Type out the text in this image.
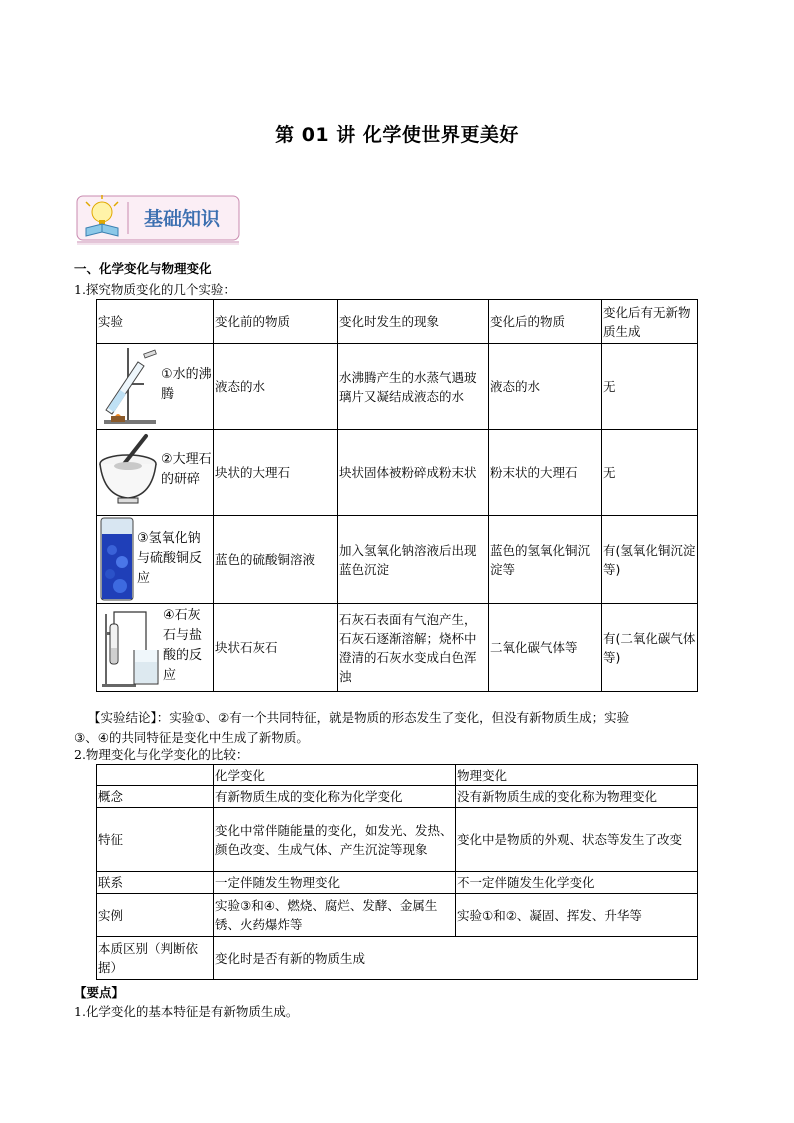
第 01 讲 化学使世界更美好
基础知识
一、化学变化与物理变化
1.探究物质变化的几个实验：
实验	变化前的物质	变化时发生的现象	变化后的物质	变化后有无新物质生成

①水的沸腾	液态的水	水沸腾产生的水蒸气遇玻璃片又凝结成液态的水	液态的水	无

②大理石的研碎	块状的大理石	块状固体被粉碎成粉末状	粉末状的大理石	无

③氢氧化钠与硫酸铜反应	蓝色的硫酸铜溶液	加入氢氧化钠溶液后出现蓝色沉淀	蓝色的氢氧化铜沉淀等	有(氢氧化铜沉淀等)

④石灰石与盐酸的反应	块状石灰石	石灰石表面有气泡产生，石灰石逐渐溶解；烧杯中澄清的石灰水变成白色浑浊	二氧化碳气体等	有(二氧化碳气体等)
【实验结论】：实验①、②有一个共同特征，就是物质的形态发生了变化，但没有新物质生成；实验
③、④的共同特征是变化中生成了新物质。
2.物理变化与化学变化的比较：
	化学变化	物理变化
概念	有新物质生成的变化称为化学变化	没有新物质生成的变化称为物理变化
特征	变化中常伴随能量的变化，如发光、发热、颜色改变、生成气体、产生沉淀等现象	变化中是物质的外观、状态等发生了改变
联系	一定伴随发生物理变化	不一定伴随发生化学变化
实例	实验③和④、燃烧、腐烂、发酵、金属生锈、火药爆炸等	实验①和②、凝固、挥发、升华等
本质区别（判断依据）	变化时是否有新的物质生成	
【要点】
1.化学变化的基本特征是有新物质生成。
